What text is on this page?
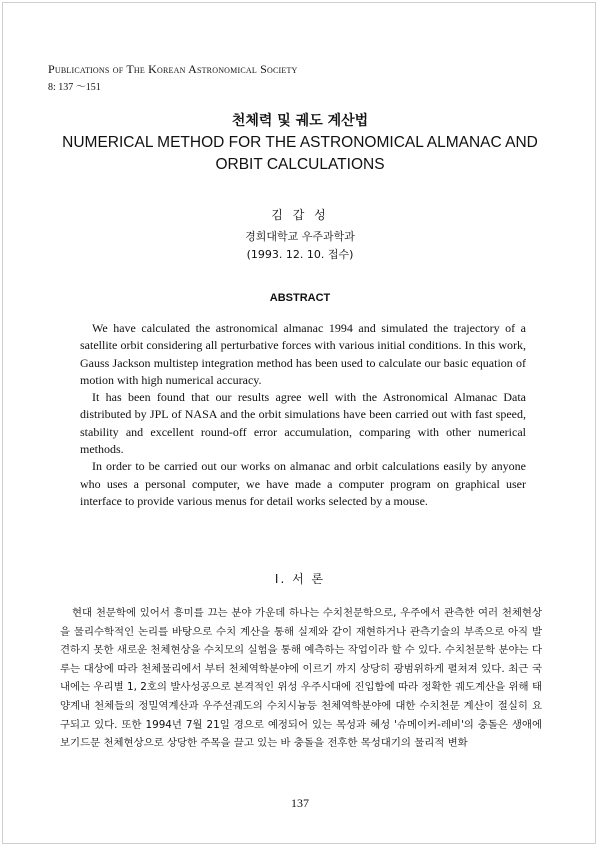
Publications of The Korean Astronomical Society
8: 137 ～151
천체력 및 궤도 계산법
NUMERICAL METHOD FOR THE ASTRONOMICAL ALMANAC AND ORBIT CALCULATIONS
김 갑 성
경희대학교 우주과학과
(1993. 12. 10. 접수)
ABSTRACT

We have calculated the astronomical almanac 1994 and simulated the trajectory of a satellite orbit considering all perturbative forces with various initial conditions. In this work, Gauss Jackson multistep integration method has been used to calculate our basic equation of motion with high numerical accuracy.

It has been found that our results agree well with the Astronomical Almanac Data distributed by JPL of NASA and the orbit simulations have been carried out with fast speed, stability and excellent round-off error accumulation, comparing with other numerical methods.

In order to be carried out our works on almanac and orbit calculations easily by anyone who uses a personal computer, we have made a computer program on graphical user interface to provide various menus for detail works selected by a mouse.

I. 서 론

현대 천문학에 있어서 흥미를 끄는 분야 가운데 하나는 수치천문학으로, 우주에서 관측한 여러 천체현상을 물리수학적인 논리를 바탕으로 수치 계산을 통해 실제와 같이 재현하거나 관측기술의 부족으로 아직 발견하지 못한 새로운 천체현상을 수치모의 실험을 통해 예측하는 작업이라 할 수 있다. 수치천문학 분야는 다루는 대상에 따라 천체물리에서 부터 천체역학분야에 이르기 까지 상당히 광범위하게 펼쳐져 있다. 최근 국내에는 우리별 1, 2호의 발사성공으로 본격적인 위성 우주시대에 진입함에 따라 정확한 궤도계산을 위해 태양계내 천체들의 정밀역계산과 우주선궤도의 수치시늉등 천체역학분야에 대한 수치천문 계산이 절실히 요구되고 있다. 또한 1994년 7월 21일 경으로 예정되어 있는 목성과 혜성 '슈메이커-레비'의 충돌은 생애에 보기드문 천체현상으로 상당한 주목을 끌고 있는 바 충돌을 전후한 목성대기의 물리적 변화

137
